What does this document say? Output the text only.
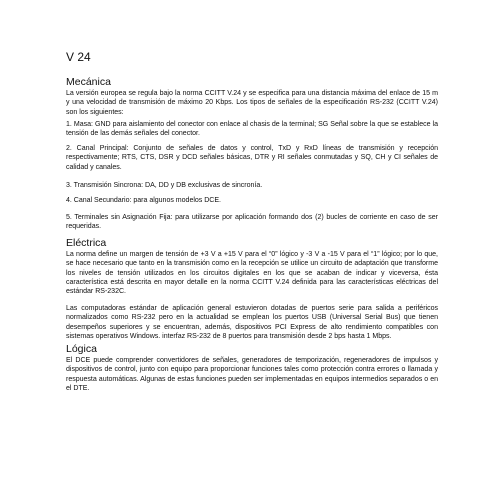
V 24
Mecánica

La versión europea se regula bajo la norma CCITT V.24 y se especifica para una distancia máxima del enlace de 15 m y una velocidad de transmisión de máximo 20 Kbps. Los tipos de señales de la especificación RS-232 (CCITT V.24) son los siguientes:

1. Masa: GND para aislamiento del conector con enlace al chasis de la terminal; SG Señal sobre la que se establece la tensión de las demás señales del conector.

2. Canal Principal: Conjunto de señales de datos y control, TxD y RxD líneas de transmisión y recepción respectivamente; RTS, CTS, DSR y DCD señales básicas, DTR y RI señales conmutadas y SQ, CH y CI señales de calidad y canales.

3. Transmisión Sincrona: DA, DD y DB exclusivas de sincronía.

4. Canal Secundario: para algunos modelos DCE.

5. Terminales sin Asignación Fija: para utilizarse por aplicación formando dos (2) bucles de corriente en caso de ser requeridas.

Eléctrica

La norma define un margen de tensión de +3 V a +15 V para el “0” lógico y -3 V a -15 V para el “1” lógico; por lo que, se hace necesario que tanto en la transmisión como en la recepción se utilice un circuito de adaptación que transforme los niveles de tensión utilizados en los circuitos digitales en los que se acaban de indicar y viceversa, ésta característica está descrita en mayor detalle en la norma CCITT V.24 definida para las características eléctricas del estándar RS-232C.

Las computadoras estándar de aplicación general estuvieron dotadas de puertos serie para salida a periféricos normalizados como RS-232 pero en la actualidad se emplean los puertos USB (Universal Serial Bus) que tienen desempeños superiores y se encuentran, además, dispositivos PCI Express de alto rendimiento compatibles con sistemas operativos Windows. interfaz RS-232 de 8 puertos para transmisión desde 2 bps hasta 1 Mbps.

Lógica

El DCE puede comprender convertidores de señales, generadores de temporización, regeneradores de impulsos y dispositivos de control, junto con equipo para proporcionar funciones tales como protección contra errores o llamada y respuesta automáticas. Algunas de estas funciones pueden ser implementadas en equipos intermedios separados o en el DTE.
